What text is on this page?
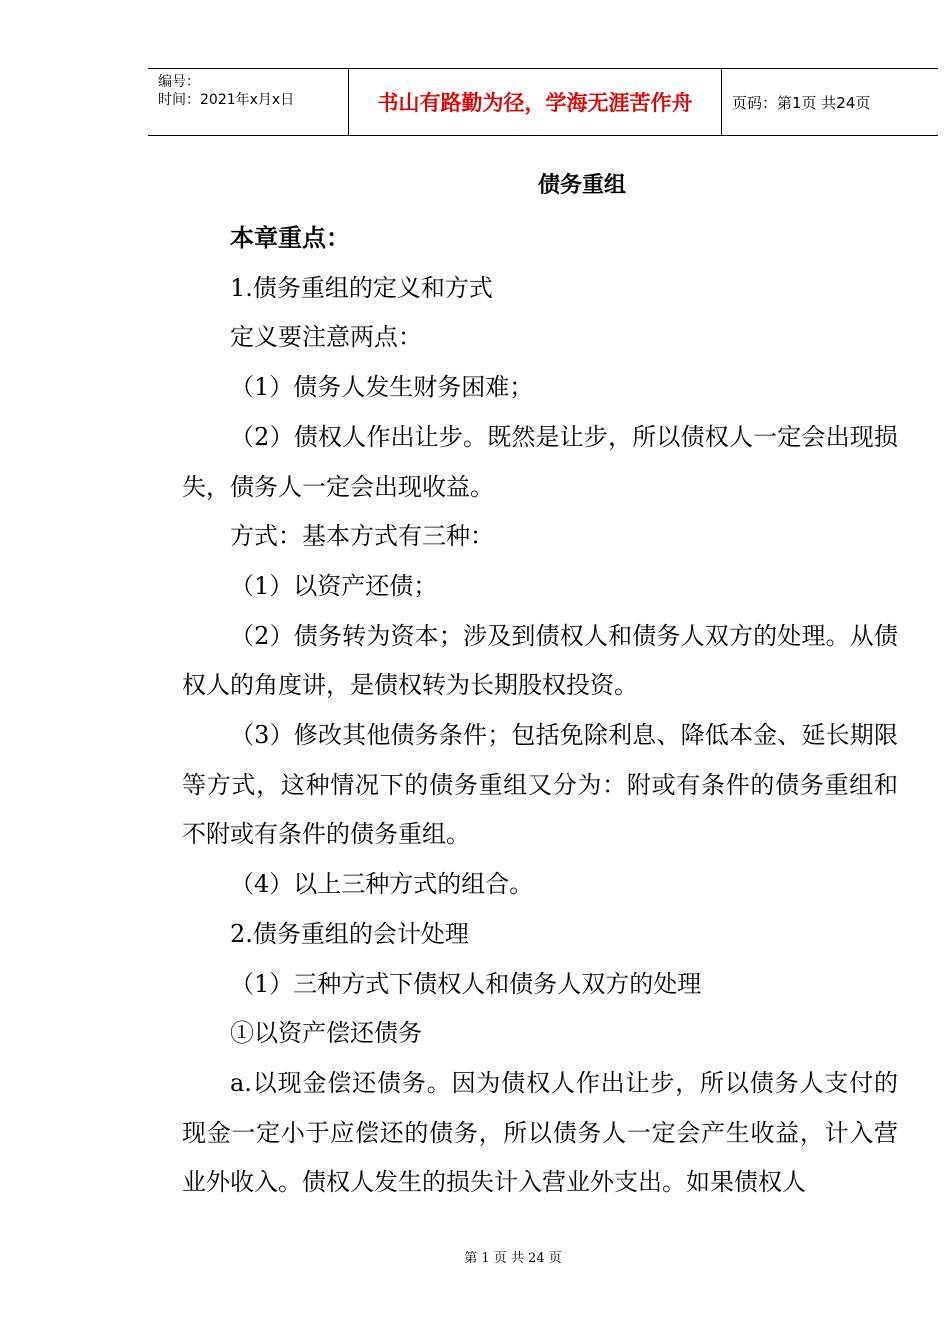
编号：
时间：2021年x月x日	书山有路勤为径，学海无涯苦作舟	页码：第1页 共24页
债务重组

本章重点：

1.债务重组的定义和方式

定义要注意两点：

（1）债务人发生财务困难；

（2）债权人作出让步。既然是让步，所以债权人一定会出现损失，债务人一定会出现收益。

方式：基本方式有三种：

（1）以资产还债；

（2）债务转为资本；涉及到债权人和债务人双方的处理。从债权人的角度讲，是债权转为长期股权投资。

（3）修改其他债务条件；包括免除利息、降低本金、延长期限等方式，这种情况下的债务重组又分为：附或有条件的债务重组和不附或有条件的债务重组。

（4）以上三种方式的组合。

2.债务重组的会计处理

（1）三种方式下债权人和债务人双方的处理

①以资产偿还债务

a.以现金偿还债务。因为债权人作出让步，所以债务人支付的现金一定小于应偿还的债务，所以债务人一定会产生收益，计入营业外收入。债权人发生的损失计入营业外支出。如果债权人

第 1 页 共 24 页
